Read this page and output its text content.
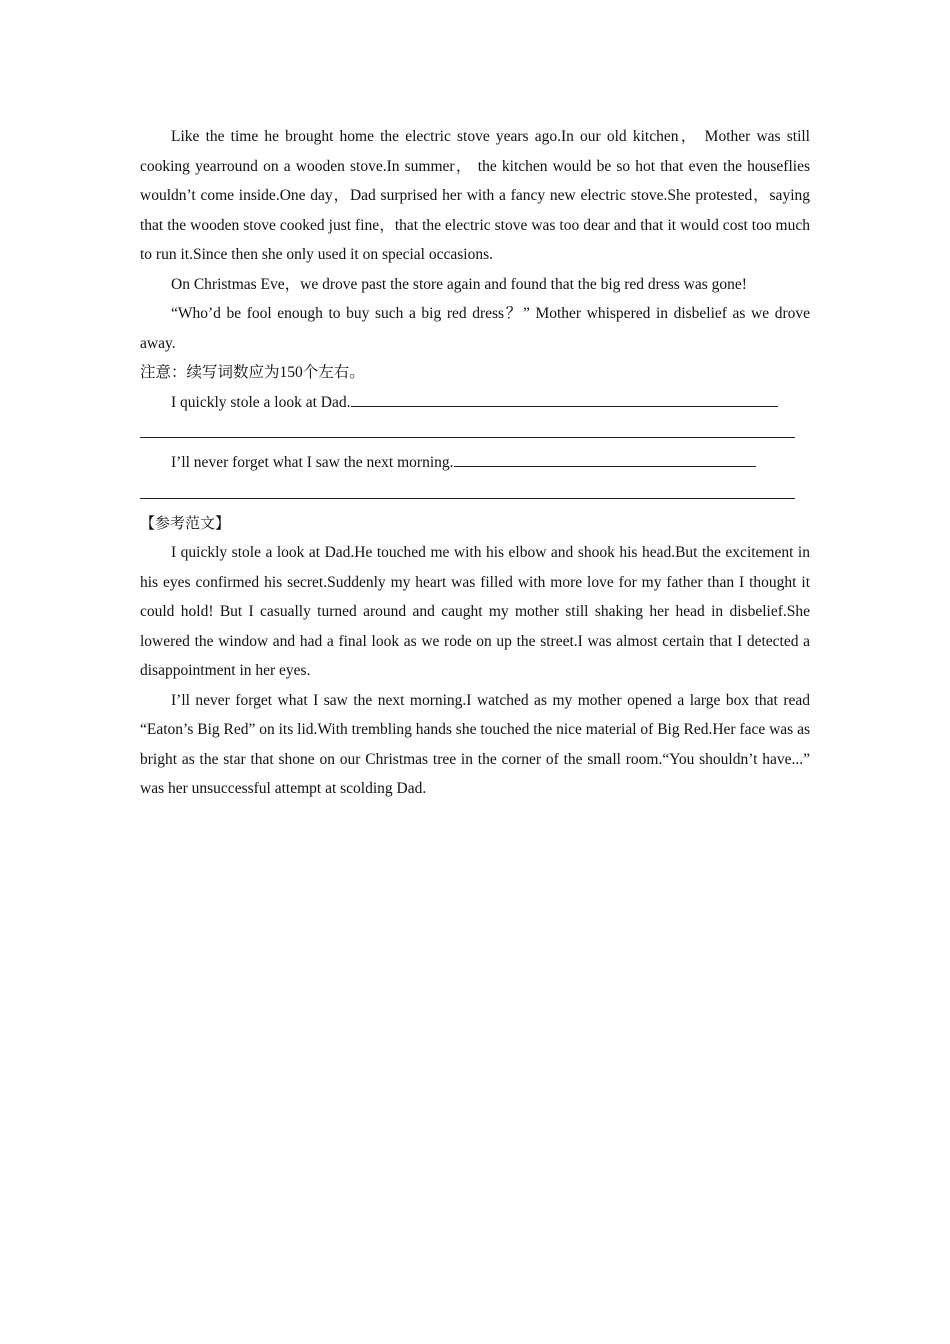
Like the time he brought home the electric stove years ago.In our old kitchen， Mother was still cooking yearround on a wooden stove.In summer， the kitchen would be so hot that even the houseflies wouldn’t come inside.One day，Dad surprised her with a fancy new electric stove.She protested，saying that the wooden stove cooked just fine，that the electric stove was too dear and that it would cost too much to run it.Since then she only used it on special occasions.

On Christmas Eve，we drove past the store again and found that the big red dress was gone!

“Who’d be fool enough to buy such a big red dress？” Mother whispered in disbelief as we drove away.

注意：续写词数应为150个左右。

I quickly stole a look at Dad.

I’ll never forget what I saw the next morning.

【参考范文】

I quickly stole a look at Dad.He touched me with his elbow and shook his head.But the excitement in his eyes confirmed his secret.Suddenly my heart was filled with more love for my father than I thought it could hold! But I casually turned around and caught my mother still shaking her head in disbelief.She lowered the window and had a final look as we rode on up the street.I was almost certain that I detected a disappointment in her eyes.

I’ll never forget what I saw the next morning.I watched as my mother opened a large box that read “Eaton’s Big Red” on its lid.With trembling hands she touched the nice material of Big Red.Her face was as bright as the star that shone on our Christmas tree in the corner of the small room.“You shouldn’t have...” was her unsuccessful attempt at scolding Dad.
